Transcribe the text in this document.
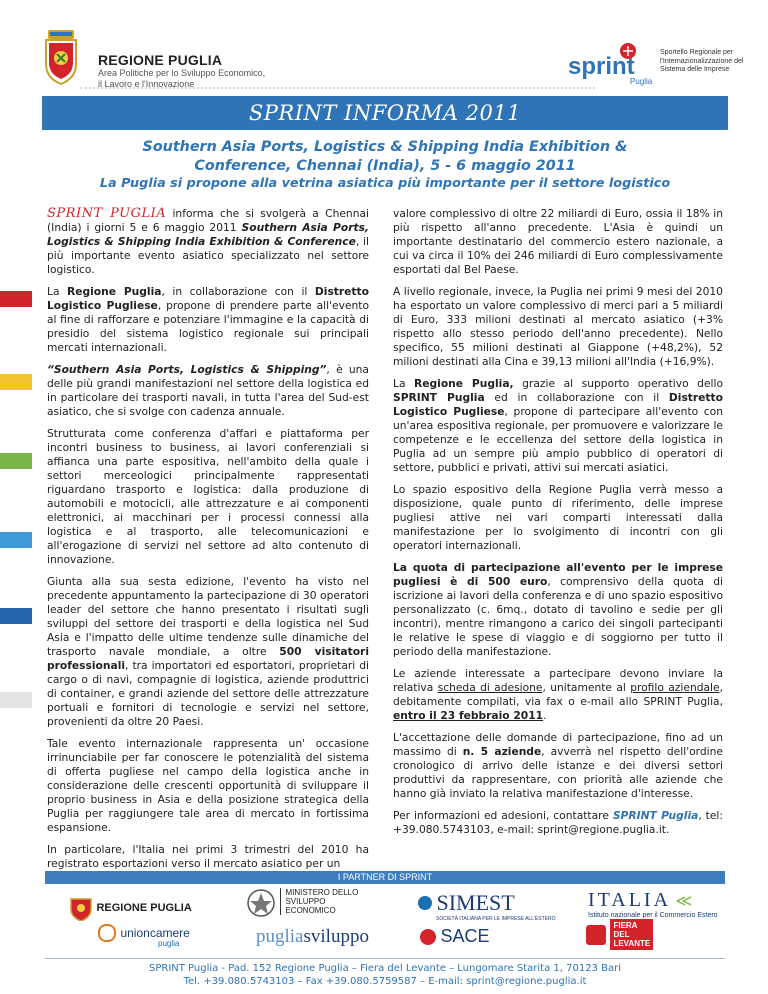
REGIONE PUGLIA
Area Politiche per lo Sviluppo Economico,
il Lavoro e l'Innovazione
sprint
Puglia
Sportello Regionale per l'Internazionalizzazione del Sistema delle Imprese
SPRINT INFORMA 2011
Southern Asia Ports, Logistics & Shipping India Exhibition & Conference, Chennai (India), 5 - 6 maggio 2011
La Puglia si propone alla vetrina asiatica più importante per il settore logistico

SPRINT PUGLIA informa che si svolgerà a Chennai (India) i giorni 5 e 6 maggio 2011 Southern Asia Ports, Logistics & Shipping India Exhibition & Conference, il più importante evento asiatico specializzato nel settore logistico.

La Regione Puglia, in collaborazione con il Distretto Logistico Pugliese, propone di prendere parte all'evento al fine di rafforzare e potenziare l'immagine e la capacità di presidio del sistema logistico regionale sui principali mercati internazionali.

“Southern Asia Ports, Logistics & Shipping”, è una delle più grandi manifestazioni nel settore della logistica ed in particolare dei trasporti navali, in tutta l'area del Sud-est asiatico, che si svolge con cadenza annuale.

Strutturata come conferenza d'affari e piattaforma per incontri business to business, ai lavori conferenziali si affianca una parte espositiva, nell'ambito della quale i settori merceologici principalmente rappresentati riguardano trasporto e logistica: dalla produzione di automobili e motocicli, alle attrezzature e ai componenti elettronici, ai macchinari per i processi connessi alla logistica e al trasporto, alle telecomunicazioni e all'erogazione di servizi nel settore ad alto contenuto di innovazione.

Giunta alla sua sesta edizione, l'evento ha visto nel precedente appuntamento la partecipazione di 30 operatori leader del settore che hanno presentato i risultati sugli sviluppi del settore dei trasporti e della logistica nel Sud Asia e l'impatto delle ultime tendenze sulle dinamiche del trasporto navale mondiale, a oltre 500 visitatori professionali, tra importatori ed esportatori, proprietari di cargo o di navi, compagnie di logistica, aziende produttrici di container, e grandi aziende del settore delle attrezzature portuali e fornitori di tecnologie e servizi nel settore, provenienti da oltre 20 Paesi.

Tale evento internazionale rappresenta un' occasione irrinunciabile per far conoscere le potenzialità del sistema di offerta pugliese nel campo della logistica anche in considerazione delle crescenti opportunità di sviluppare il proprio business in Asia e della posizione strategica della Puglia per raggiungere tale area di mercato in fortissima espansione.

In particolare, l'Italia nei primi 3 trimestri del 2010 ha registrato esportazioni verso il mercato asiatico per un

valore complessivo di oltre 22 miliardi di Euro, ossia il 18% in più rispetto all'anno precedente. L'Asia è quindi un importante destinatario del commercio estero nazionale, a cui va circa il 10% dei 246 miliardi di Euro complessivamente esportati dal Bel Paese.

A livello regionale, invece, la Puglia nei primi 9 mesi del 2010 ha esportato un valore complessivo di merci pari a 5 miliardi di Euro, 333 milioni destinati al mercato asiatico (+3% rispetto allo stesso periodo dell'anno precedente). Nello specifico, 55 milioni destinati al Giappone (+48,2%), 52 milioni destinati alla Cina e 39,13 milioni all'India (+16,9%).

La Regione Puglia, grazie al supporto operativo dello SPRINT Puglia ed in collaborazione con il Distretto Logistico Pugliese, propone di partecipare all'evento con un'area espositiva regionale, per promuovere e valorizzare le competenze e le eccellenza del settore della logistica in Puglia ad un sempre più ampio pubblico di operatori di settore, pubblici e privati, attivi sui mercati asiatici.

Lo spazio espositivo della Regione Puglia verrà messo a disposizione, quale punto di riferimento, delle imprese pugliesi attive nei vari comparti interessati dalla manifestazione per lo svolgimento di incontri con gli operatori internazionali.

La quota di partecipazione all'evento per le imprese pugliesi è di 500 euro, comprensivo della quota di iscrizione ai lavori della conferenza e di uno spazio espositivo personalizzato (c. 6mq., dotato di tavolino e sedie per gli incontri), mentre rimangono a carico dei singoli partecipanti le relative le spese di viaggio e di soggiorno per tutto il periodo della manifestazione.

Le aziende interessate a partecipare devono inviare la relativa scheda di adesione, unitamente al profilo aziendale, debitamente compilati, via fax o e-mail allo SPRINT Puglia, entro il 23 febbraio 2011.

L'accettazione delle domande di partecipazione, fino ad un massimo di n. 5 aziende, avverrà nel rispetto dell'ordine cronologico di arrivo delle istanze e dei diversi settori produttivi da rappresentare, con priorità alle aziende che hanno già inviato la relativa manifestazione d'interesse.

Per informazioni ed adesioni, contattare SPRINT Puglia, tel: +39.080.5743103, e-mail: sprint@regione.puglia.it.

I PARTNER DI SPRINT
REGIONE PUGLIA

MINISTERO DELLO
SVILUPPO
ECONOMICO	SIMEST
SOCIETÀ ITALIANA PER LE IMPRESE ALL'ESTERO
ITALIA ≪
Istituto nazionale per il Commercio Estero
unioncamere
puglia	pugliasviluppo	SACE

FIERA
DEL
LEVANTE
SPRINT Puglia - Pad. 152 Regione Puglia – Fiera del Levante – Lungomare Starita 1, 70123 Bari
Tel. +39.080.5743103 – Fax +39.080.5759587 – E-mail: sprint@regione.puglia.it
